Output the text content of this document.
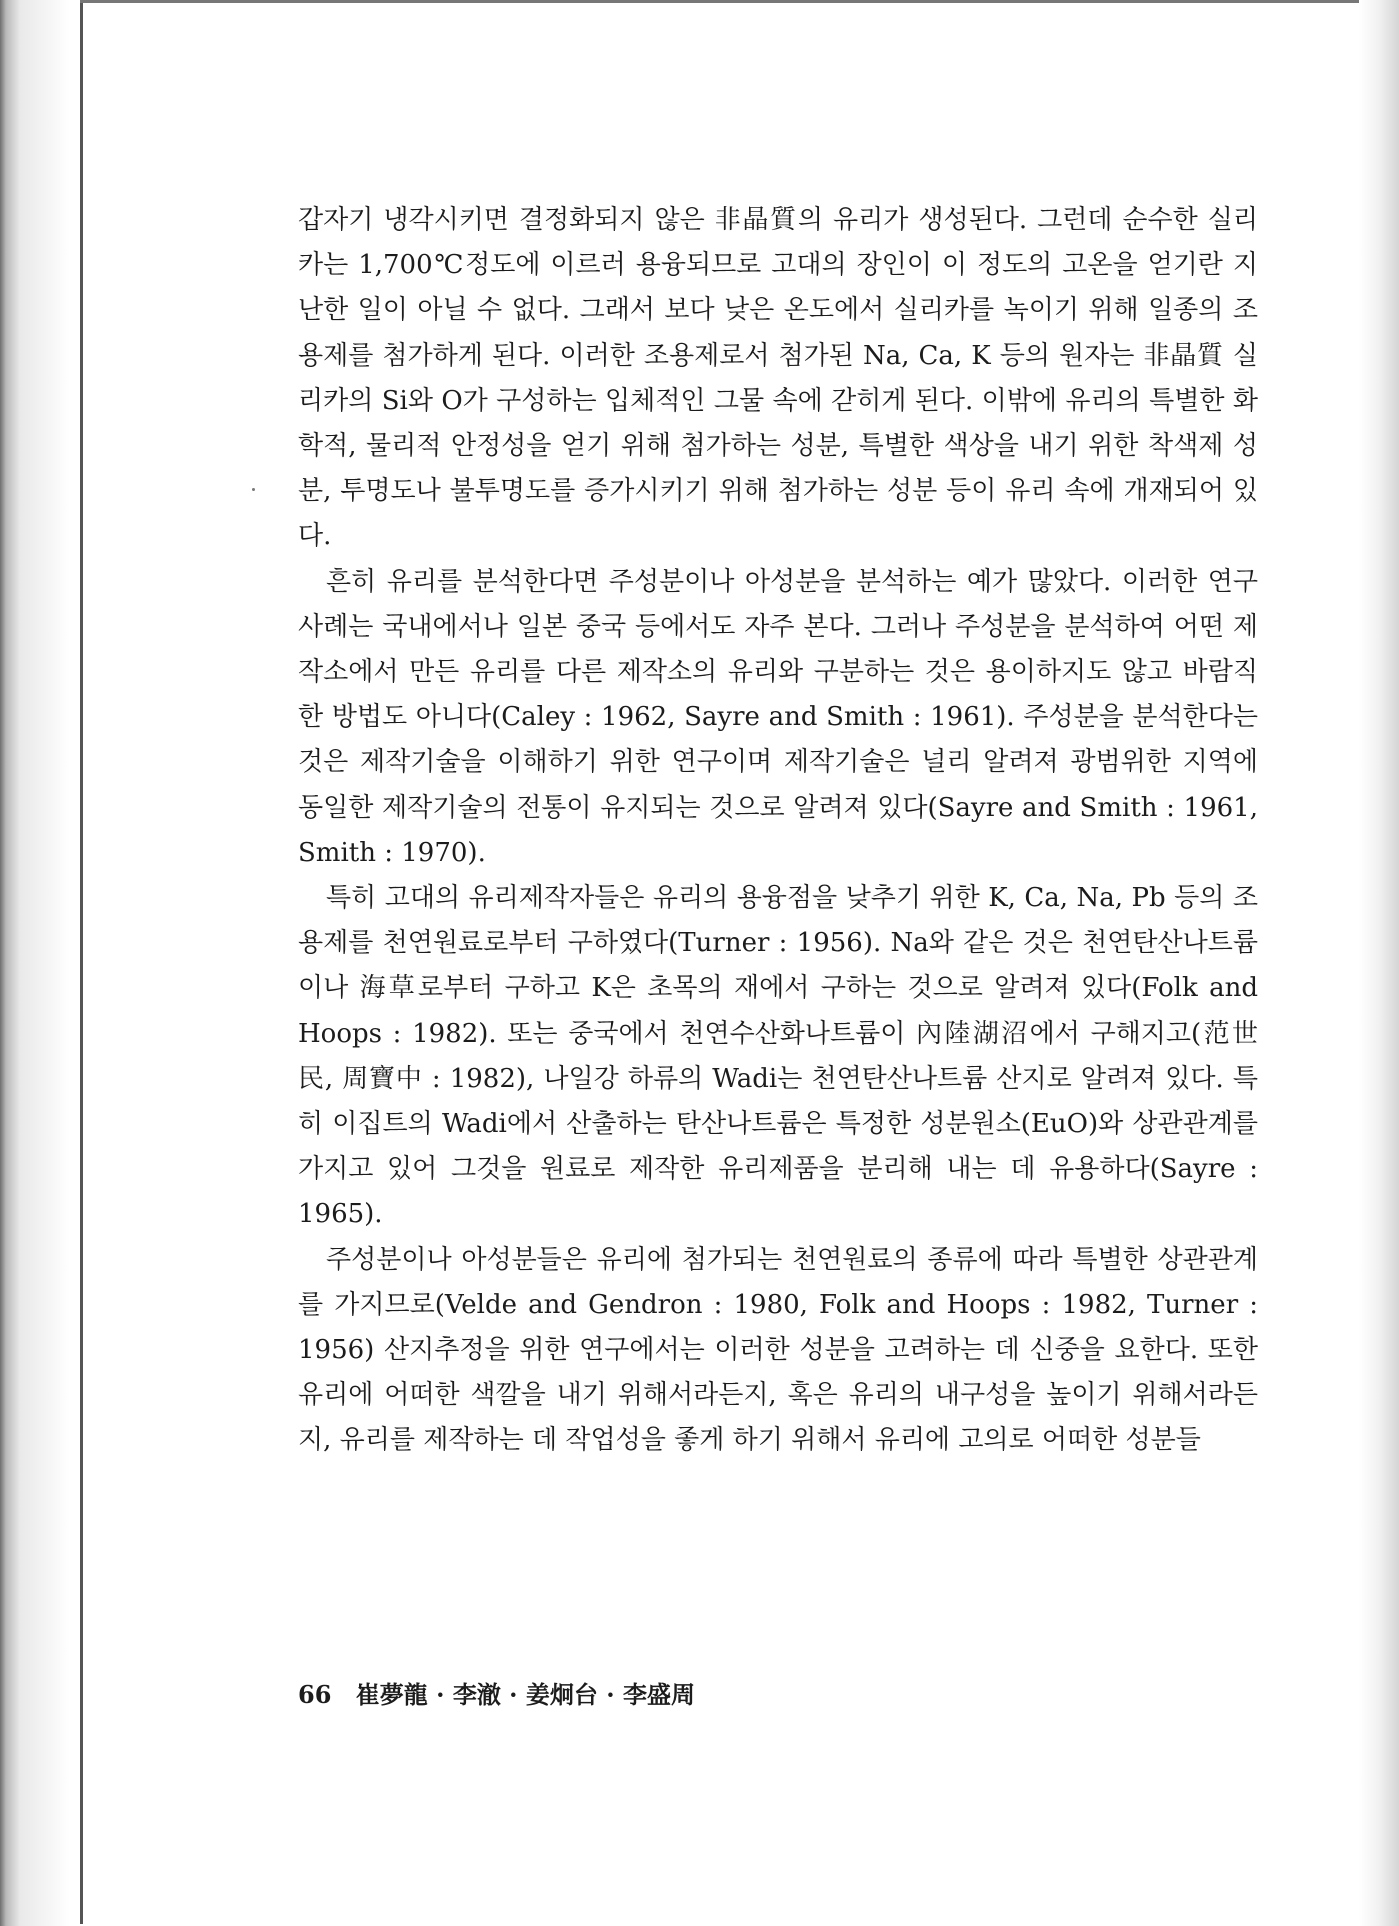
갑자기 냉각시키면 결정화되지 않은 非晶質의 유리가 생성된다. 그런데 순수한 실리카는 1,700℃정도에 이르러 용융되므로 고대의 장인이 이 정도의 고온을 얻기란 지난한 일이 아닐 수 없다. 그래서 보다 낮은 온도에서 실리카를 녹이기 위해 일종의 조용제를 첨가하게 된다. 이러한 조용제로서 첨가된 Na, Ca, K 등의 원자는 非晶質 실리카의 Si와 O가 구성하는 입체적인 그물 속에 갇히게 된다. 이밖에 유리의 특별한 화학적, 물리적 안정성을 얻기 위해 첨가하는 성분, 특별한 색상을 내기 위한 착색제 성분, 투명도나 불투명도를 증가시키기 위해 첨가하는 성분 등이 유리 속에 개재되어 있다.

흔히 유리를 분석한다면 주성분이나 아성분을 분석하는 예가 많았다. 이러한 연구사례는 국내에서나 일본 중국 등에서도 자주 본다. 그러나 주성분을 분석하여 어떤 제작소에서 만든 유리를 다른 제작소의 유리와 구분하는 것은 용이하지도 않고 바람직한 방법도 아니다(Caley : 1962, Sayre and Smith : 1961). 주성분을 분석한다는 것은 제작기술을 이해하기 위한 연구이며 제작기술은 널리 알려져 광범위한 지역에 동일한 제작기술의 전통이 유지되는 것으로 알려져 있다(Sayre and Smith : 1961, Smith : 1970).

특히 고대의 유리제작자들은 유리의 용융점을 낮추기 위한 K, Ca, Na, Pb 등의 조용제를 천연원료로부터 구하였다(Turner : 1956). Na와 같은 것은 천연탄산나트륨이나 海草로부터 구하고 K은 초목의 재에서 구하는 것으로 알려져 있다(Folk and Hoops : 1982). 또는 중국에서 천연수산화나트륨이 內陸湖沼에서 구해지고(范世民, 周寶中 : 1982), 나일강 하류의 Wadi는 천연탄산나트륨 산지로 알려져 있다. 특히 이집트의 Wadi에서 산출하는 탄산나트륨은 특정한 성분원소(EuO)와 상관관계를 가지고 있어 그것을 원료로 제작한 유리제품을 분리해 내는 데 유용하다(Sayre : 1965).

주성분이나 아성분들은 유리에 첨가되는 천연원료의 종류에 따라 특별한 상관관계를 가지므로(Velde and Gendron : 1980, Folk and Hoops : 1982, Turner : 1956) 산지추정을 위한 연구에서는 이러한 성분을 고려하는 데 신중을 요한다. 또한 유리에 어떠한 색깔을 내기 위해서라든지, 혹은 유리의 내구성을 높이기 위해서라든지, 유리를 제작하는 데 작업성을 좋게 하기 위해서 유리에 고의로 어떠한 성분들

66 崔夢龍 · 李澈 · 姜炯台 · 李盛周
